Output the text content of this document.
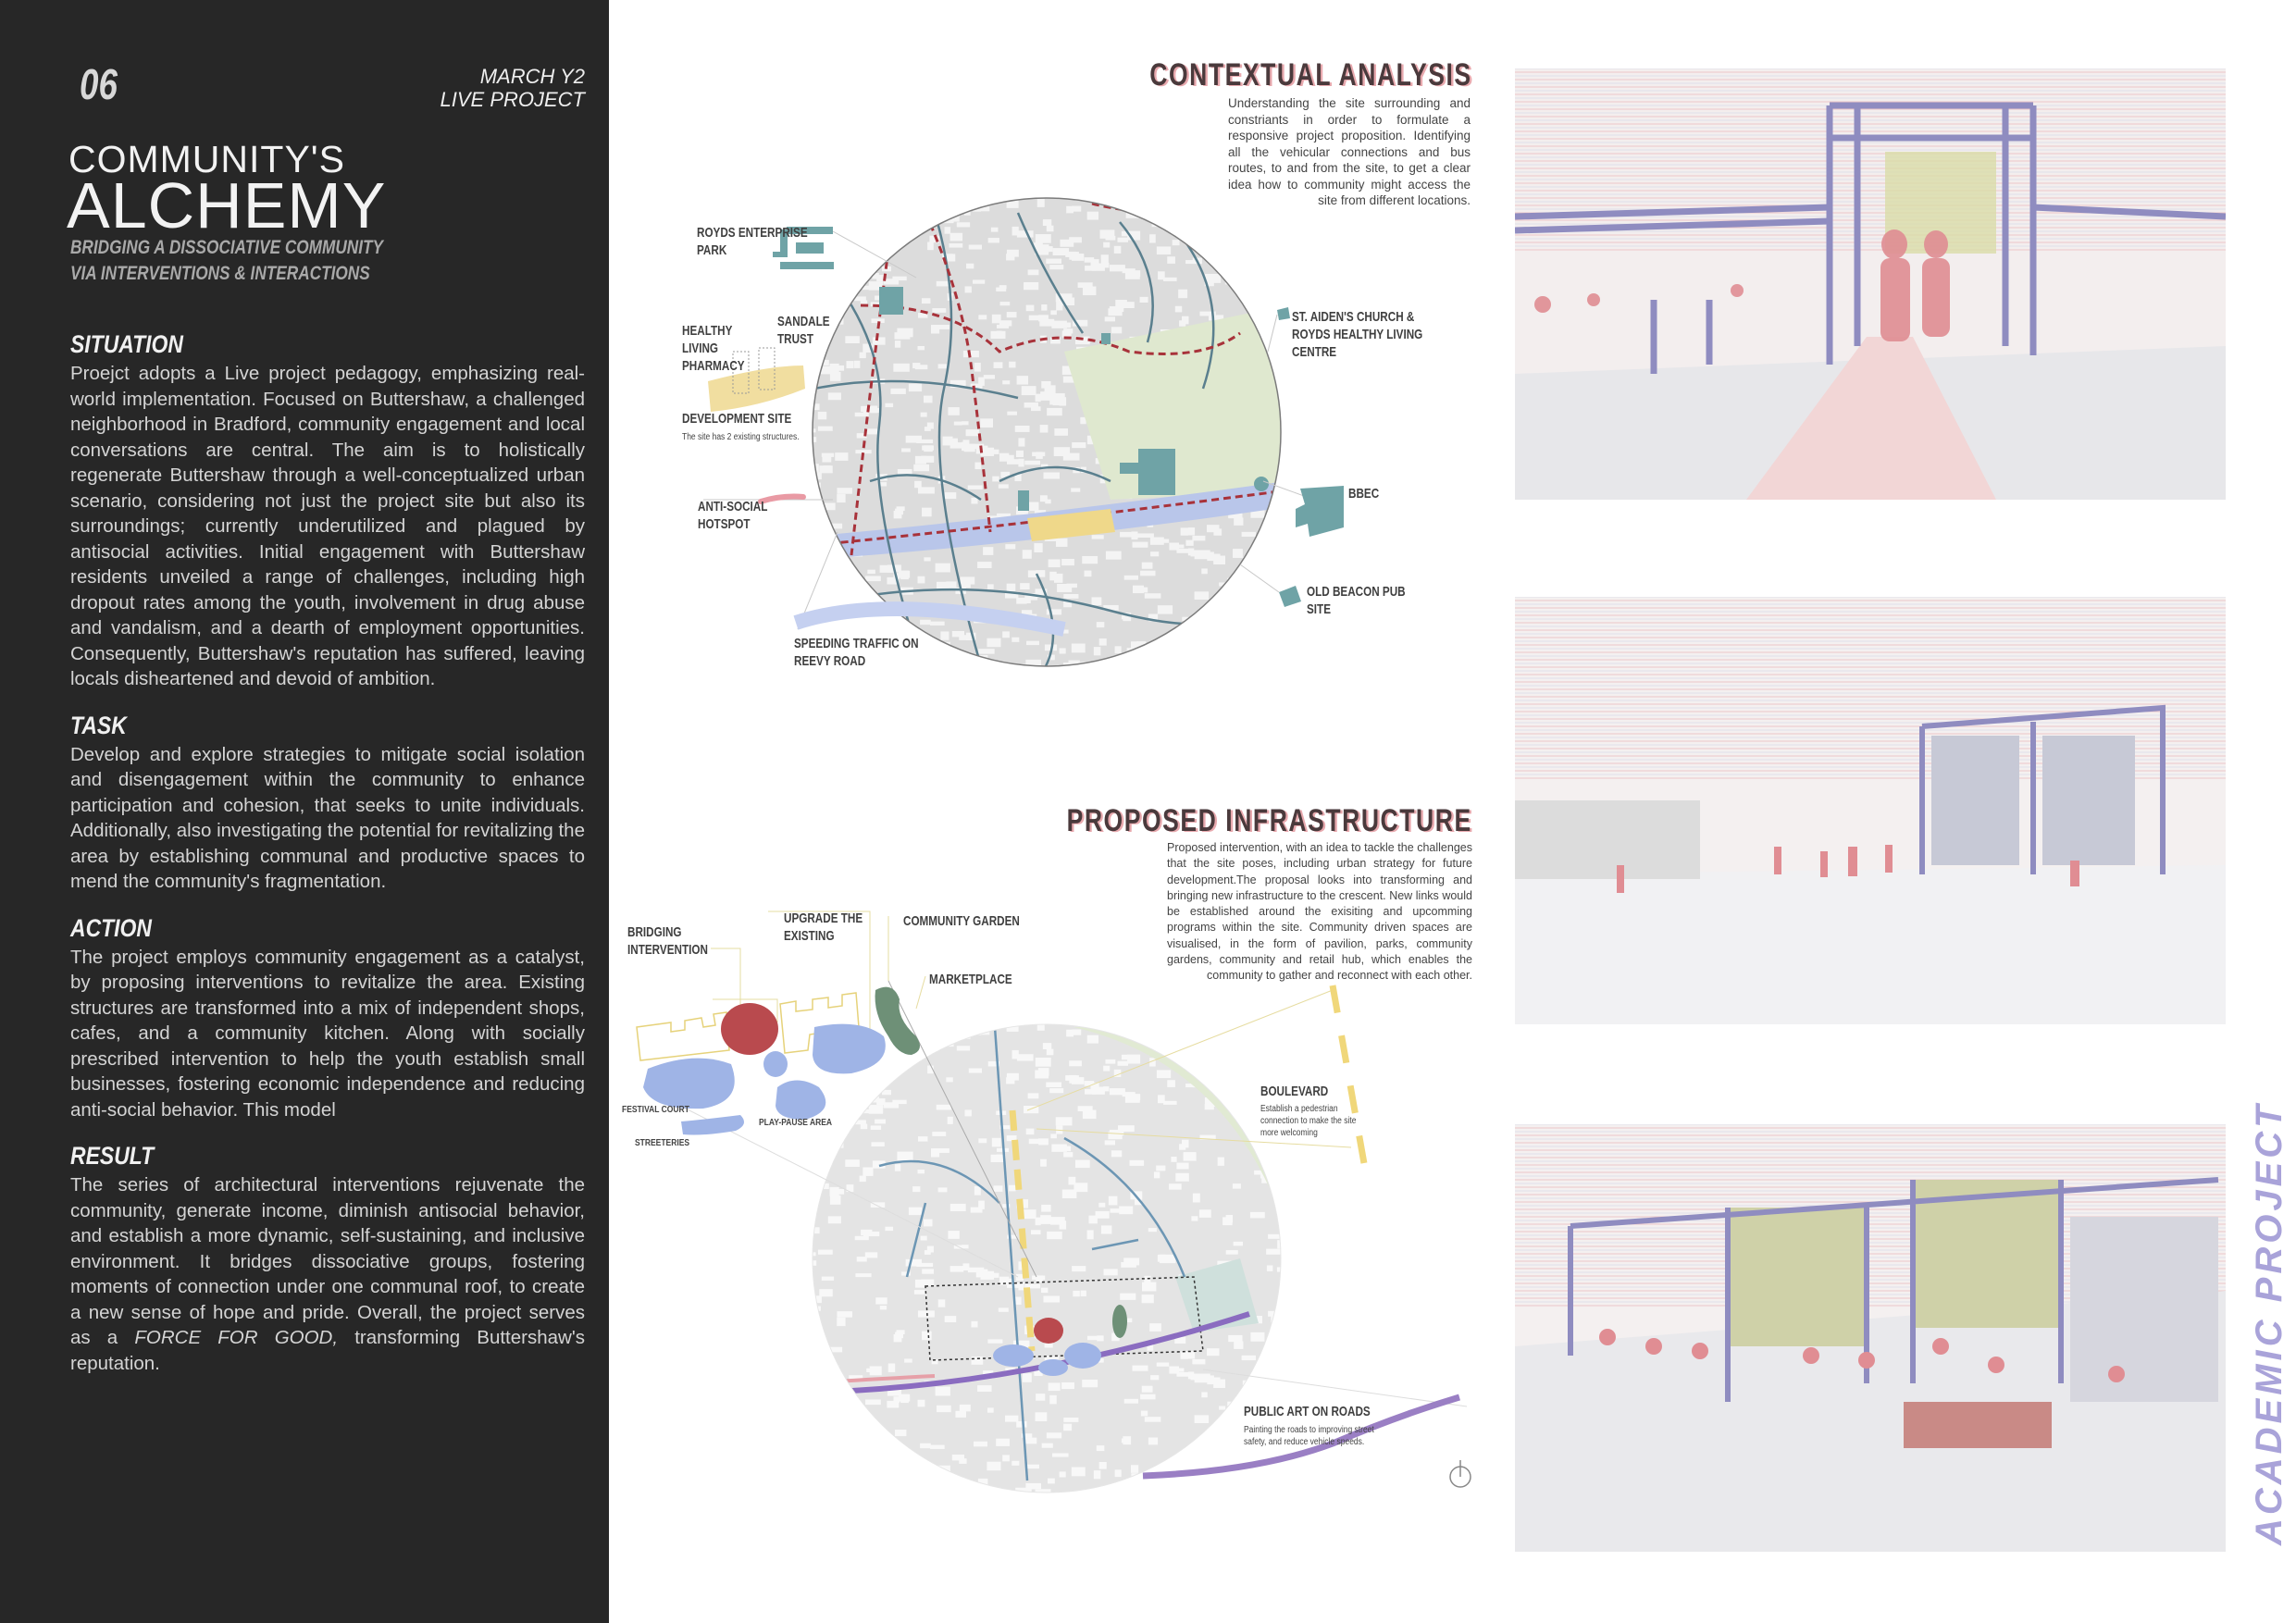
06	MARCH Y2
LIVE PROJECT
COMMUNITY'S
ALCHEMY
BRIDGING A DISSOCIATIVE COMMUNITY
VIA INTERVENTIONS & INTERACTIONS
SITUATION

Proejct adopts a Live project pedagogy, emphasizing real-world implementation. Focused on Buttershaw, a challenged neighborhood in Bradford, community engagement and local conversations are central. The aim is to holistically regenerate Buttershaw through a well-conceptualized urban scenario, considering not just the project site but also its surroundings; currently underutilized and plagued by antisocial activities. Initial engagement with Buttershaw residents unveiled a range of challenges, including high dropout rates among the youth, involvement in drug abuse and vandalism, and a dearth of employment opportunities. Consequently, Buttershaw's reputation has suffered, leaving locals disheartened and devoid of ambition.

TASK

Develop and explore strategies to mitigate social isolation and disengagement within the community to enhance participation and cohesion, that seeks to unite individuals. Additionally, also investigating the potential for revitalizing the area by establishing communal and productive spaces to mend the community's fragmentation.

ACTION

The project employs community engagement as a catalyst, by proposing interventions to revitalize the area. Existing structures are transformed into a mix of independent shops, cafes, and a community kitchen. Along with socially prescribed intervention to help the youth establish small businesses, fostering economic independence and reducing anti-social behavior. This model

RESULT

The series of architectural interventions rejuvenate the community, generate income, diminish antisocial behavior, and establish a more dynamic, self-sustaining, and inclusive environment. It bridges dissociative groups, fostering moments of connection under one communal roof, to create a new sense of hope and pride. Overall, the project serves as a FORCE FOR GOOD, transforming Buttershaw's reputation.

CONTEXTUAL ANALYSIS
Understanding the site surrounding and constriants in order to formulate a responsive project proposition. Identifying all the vehicular connections and bus routes, to and from the site, to get a clear idea how to community might access the site from different locations.
ROYDS ENTERPRISE
PARK
HEALTHY
LIVING
PHARMACY
SANDALE
TRUST
DEVELOPMENT SITE
The site has 2 existing structures.
ANTI-SOCIAL
HOTSPOT
SPEEDING TRAFFIC ON
REEVY ROAD
ST. AIDEN'S CHURCH &
ROYDS HEALTHY LIVING
CENTRE
BBEC
OLD BEACON PUB
SITE
PROPOSED INFRASTRUCTURE
Proposed intervention, with an idea to tackle the challenges that the site poses, including urban strategy for future development.The proposal looks into transforming and bringing new infrastructure to the crescent. New links would be established around the exisiting and upcomming programs within the site. Community driven spaces are visualised, in the form of pavilion, parks, community gardens, community and retail hub, which enables the community to gather and reconnect with each other.
BRIDGING
INTERVENTION
UPGRADE THE
EXISTING
COMMUNITY GARDEN
MARKETPLACE
FESTIVAL COURT
STREETERIES
PLAY-PAUSE AREA
BOULEVARD
Establish a pedestrian
connection to make the site
more welcoming
PUBLIC ART ON ROADS
Painting the roads to improving street
safety, and reduce vehicle speeds.	ACADEMIC PROJECT
